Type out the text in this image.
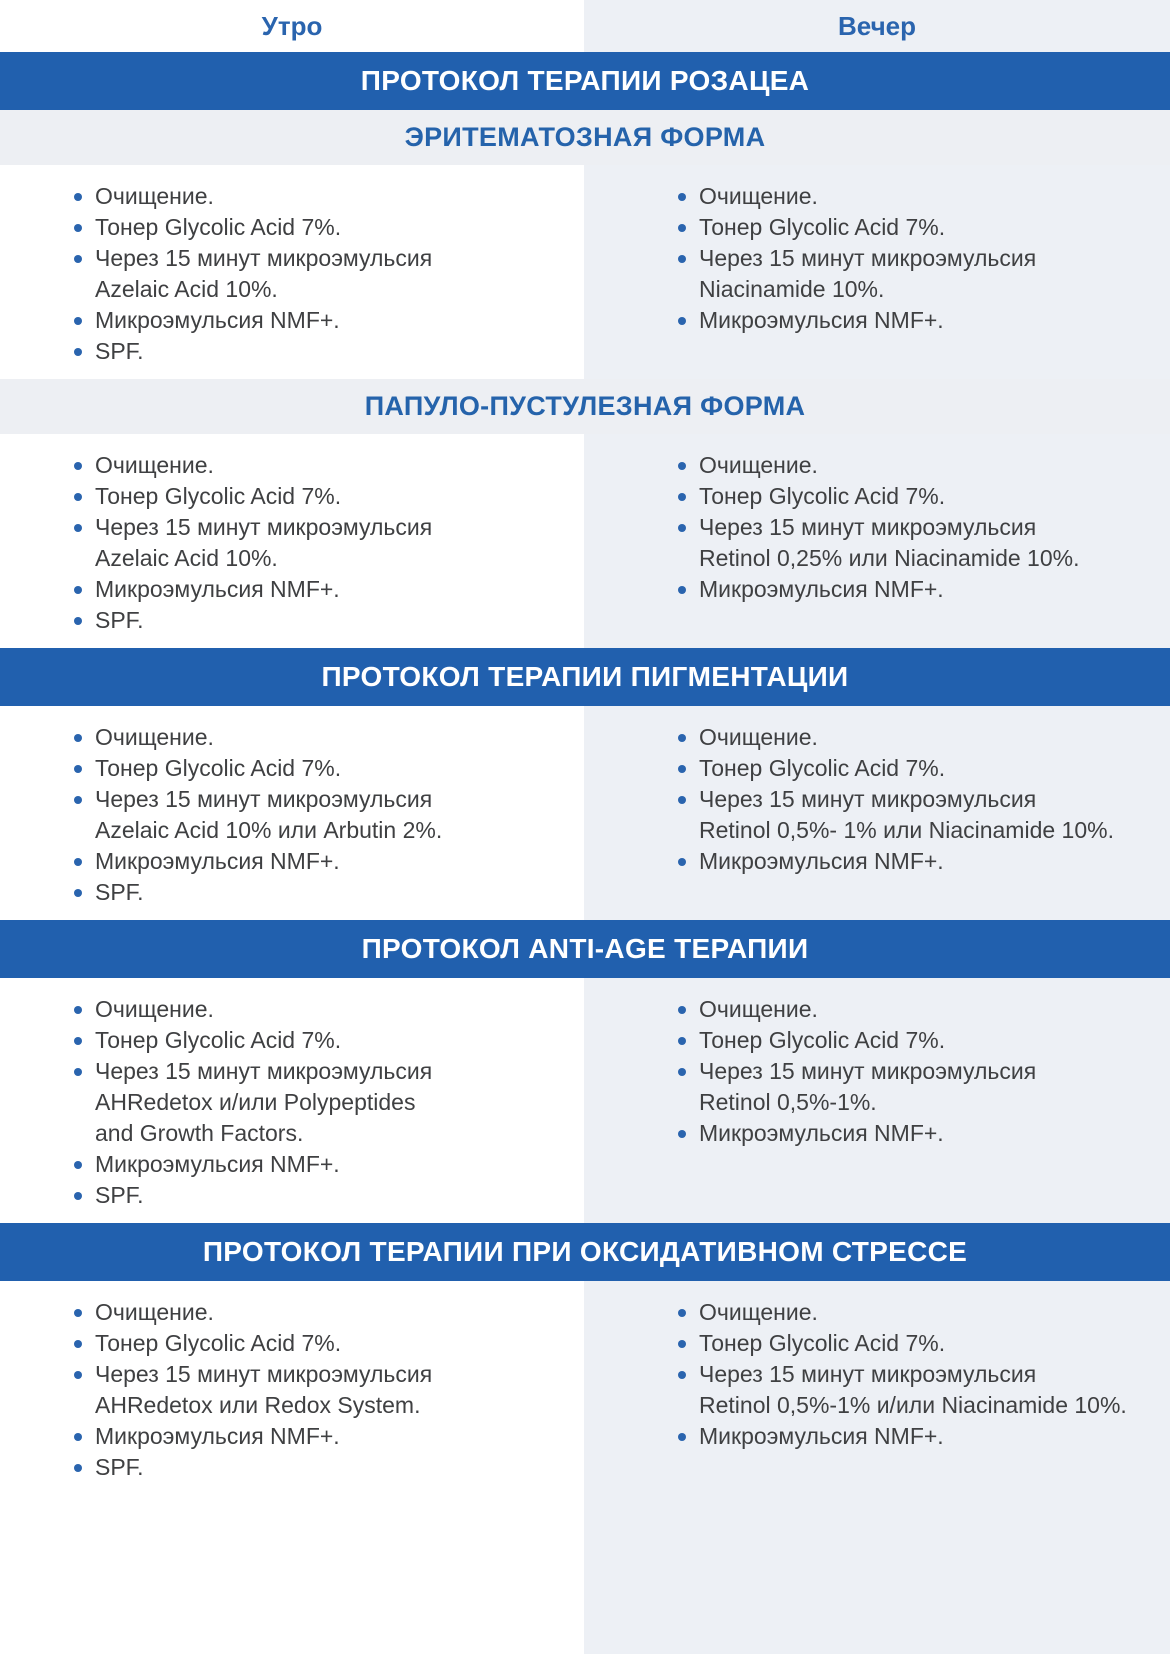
Утро	Вечер
ПРОТОКОЛ ТЕРАПИИ РОЗАЦЕА
ЭРИТЕМАТОЗНАЯ ФОРМА
Очищение.
Тонер Glycolic Acid 7%.
Через 15 минут микроэмульсия
Azelaic Acid 10%.
Микроэмульсия NMF+.
SPF.
Очищение.
Тонер Glycolic Acid 7%.
Через 15 минут микроэмульсия
Niacinamide 10%.
Микроэмульсия NMF+.
ПАПУЛО-ПУСТУЛЕЗНАЯ ФОРМА
Очищение.
Тонер Glycolic Acid 7%.
Через 15 минут микроэмульсия
Azelaic Acid 10%.
Микроэмульсия NMF+.
SPF.
Очищение.
Тонер Glycolic Acid 7%.
Через 15 минут микроэмульсия
Retinol 0,25% или Niacinamide 10%.
Микроэмульсия NMF+.
ПРОТОКОЛ ТЕРАПИИ ПИГМЕНТАЦИИ
Очищение.
Тонер Glycolic Acid 7%.
Через 15 минут микроэмульсия
Azelaic Acid 10% или Arbutin 2%.
Микроэмульсия NMF+.
SPF.
Очищение.
Тонер Glycolic Acid 7%.
Через 15 минут микроэмульсия
Retinol 0,5%- 1% или Niacinamide 10%.
Микроэмульсия NMF+.
ПРОТОКОЛ ANTI-AGE ТЕРАПИИ
Очищение.
Тонер Glycolic Acid 7%.
Через 15 минут микроэмульсия
AHRedetox и/или Polypeptides
and Growth Factors.
Микроэмульсия NMF+.
SPF.
Очищение.
Тонер Glycolic Acid 7%.
Через 15 минут микроэмульсия
Retinol 0,5%-1%.
Микроэмульсия NMF+.
ПРОТОКОЛ ТЕРАПИИ ПРИ ОКСИДАТИВНОМ СТРЕССЕ
Очищение.
Тонер Glycolic Acid 7%.
Через 15 минут микроэмульсия
AHRedetox или Redox System.
Микроэмульсия NMF+.
SPF.
Очищение.
Тонер Glycolic Acid 7%.
Через 15 минут микроэмульсия
Retinol 0,5%-1% и/или Niacinamide 10%.
Микроэмульсия NMF+.
